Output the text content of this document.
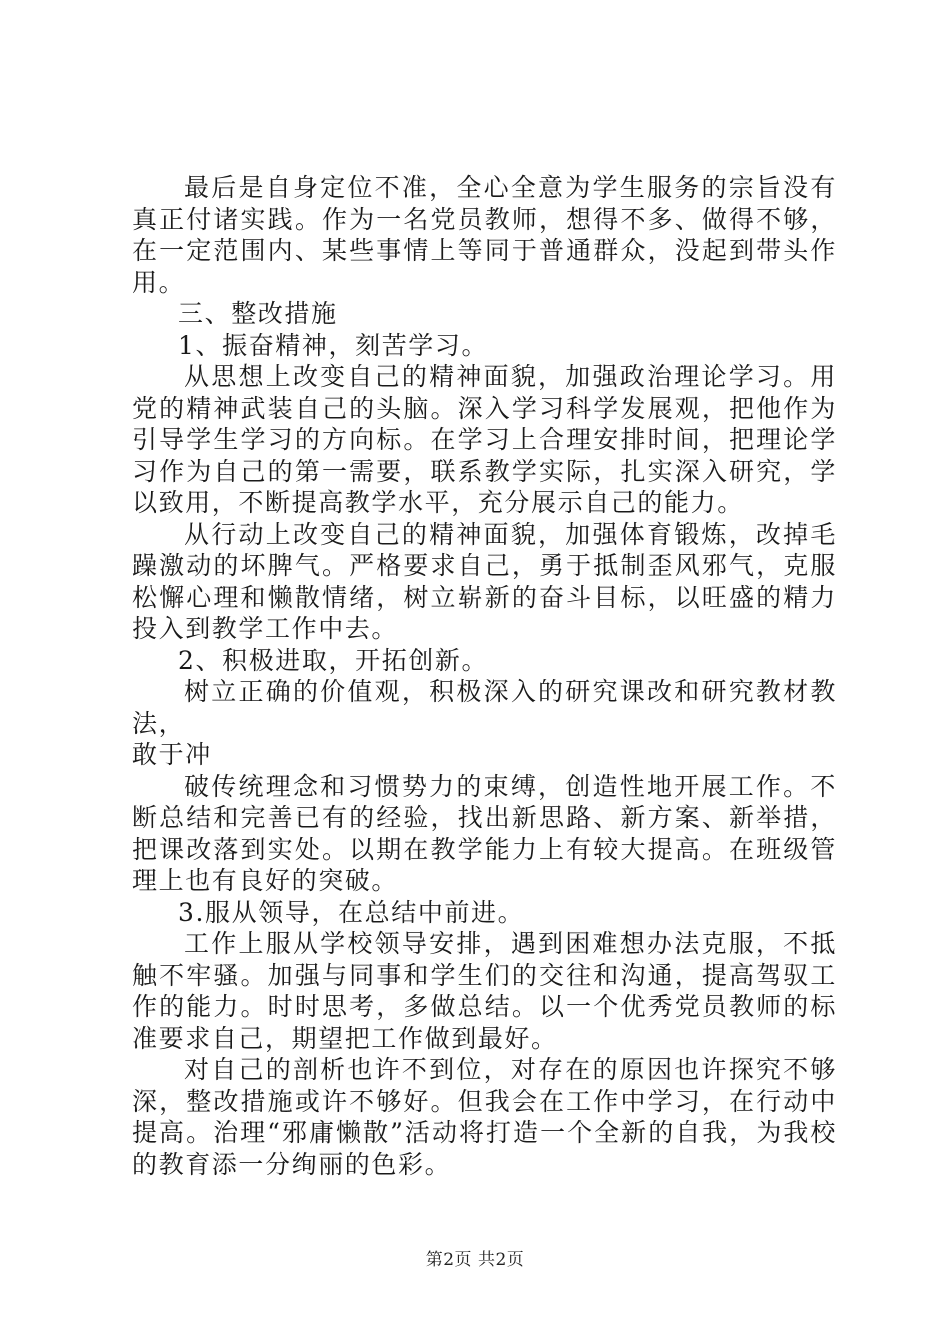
最后是自身定位不准，全心全意为学生服务的宗旨没有真正付诸实践。作为一名党员教师，想得不多、做得不够，在一定范围内、某些事情上等同于普通群众，没起到带头作用。

三、整改措施

1、振奋精神，刻苦学习。

从思想上改变自己的精神面貌，加强政治理论学习。用党的精神武装自己的头脑。深入学习科学发展观，把他作为引导学生学习的方向标。在学习上合理安排时间，把理论学习作为自己的第一需要，联系教学实际，扎实深入研究，学以致用，不断提高教学水平，充分展示自己的能力。

从行动上改变自己的精神面貌，加强体育锻炼，改掉毛躁激动的坏脾气。严格要求自己，勇于抵制歪风邪气，克服松懈心理和懒散情绪，树立崭新的奋斗目标，以旺盛的精力投入到教学工作中去。

2、积极进取，开拓创新。

树立正确的价值观，积极深入的研究课改和研究教材教法，

敢于冲

破传统理念和习惯势力的束缚，创造性地开展工作。不断总结和完善已有的经验，找出新思路、新方案、新举措，把课改落到实处。以期在教学能力上有较大提高。在班级管理上也有良好的突破。

3.服从领导，在总结中前进。

工作上服从学校领导安排，遇到困难想办法克服，不抵触不牢骚。加强与同事和学生们的交往和沟通，提高驾驭工作的能力。时时思考，多做总结。以一个优秀党员教师的标准要求自己，期望把工作做到最好。

对自己的剖析也许不到位，对存在的原因也许探究不够深，整改措施或许不够好。但我会在工作中学习，在行动中提高。治理“邪庸懒散”活动将打造一个全新的自我，为我校的教育添一分绚丽的色彩。

第2页 共2页
